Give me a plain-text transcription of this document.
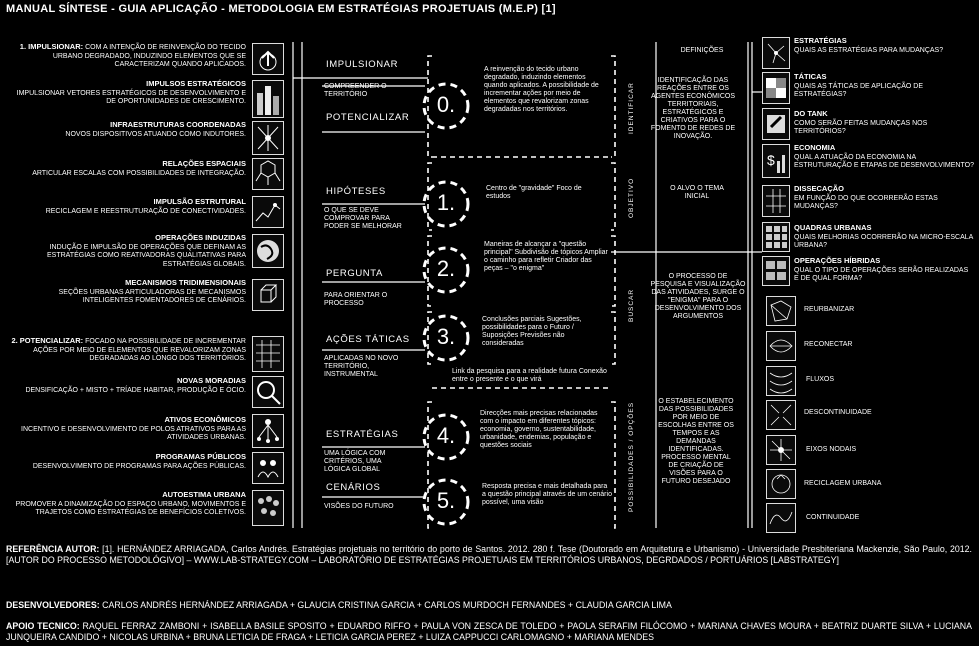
MANUAL SÍNTESE - GUIA APLICAÇÃO - METODOLOGIA EM ESTRATÉGIAS PROJETUAIS (M.E.P) [1]
1. IMPULSIONAR: COM A INTENÇÃO DE REINVENÇÃO DO TECIDO URBANO DEGRADADO, INDUZINDO ELEMENTOS QUE SE CARACTERIZAM QUANDO APLICADOS.
IMPULSOS ESTRATÉGICOS
IMPULSIONAR VETORES ESTRATÉGICOS DE DESENVOLVIMENTO E DE OPORTUNIDADES DE CRESCIMENTO.
INFRAESTRUTURAS COORDENADAS
NOVOS DISPOSITIVOS ATUANDO COMO INDUTORES.
RELAÇÕES ESPACIAIS
ARTICULAR ESCALAS COM POSSIBILIDADES DE INTEGRAÇÃO.
IMPULSÃO ESTRUTURAL
RECICLAGEM E REESTRUTURAÇÃO DE CONECTIVIDADES.
OPERAÇÕES INDUZIDAS
INDUÇÃO E IMPULSÃO DE OPERAÇÕES QUE DEFINAM AS ESTRATÉGIAS COMO REATIVADORAS QUALITATIVAS PARA ESTRATÉGIAS GLOBAIS.
MECANISMOS TRIDIMENSIONAIS
SEÇÕES URBANAS ARTICULADORAS DE MECANISMOS INTELIGENTES FOMENTADORES DE CENÁRIOS.
2. POTENCIALIZAR: FOCADO NA POSSIBILIDADE DE INCREMENTAR AÇÕES POR MEIO DE ELEMENTOS QUE REVALORIZAM ZONAS DEGRADADAS AO LONGO DOS TERRITÓRIOS.
NOVAS MORADIAS
DENSIFICAÇÃO + MISTO + TRÍADE HABITAR, PRODUÇÃO E ÓCIO.
ATIVOS ECONÔMICOS
INCENTIVO E DESENVOLVIMENTO DE POLOS ATRATIVOS PARA AS ATIVIDADES URBANAS.
PROGRAMAS PÚBLICOS
DESENVOLVIMENTO DE PROGRAMAS PARA AÇÕES PÚBLICAS.
AUTOESTIMA URBANA
PROMOVER A DINAMIZAÇÃO DO ESPAÇO URBANO, MOVIMENTOS E TRAJETOS COMO ESTRATÉGIAS DE BENEFÍCIOS COLETIVOS.
IMPULSIONAR
COMPREENDER O TERRITÓRIO
POTENCIALIZAR
HIPÓTESES
O QUE SE DEVE COMPROVAR PARA PODER SE MELHORAR
PERGUNTA
PARA ORIENTAR O PROCESSO
AÇÕES TÁTICAS
APLICADAS NO NOVO TERRITÓRIO, INSTRUMENTAL
ESTRATÉGIAS
UMA LÓGICA COM CRITÉRIOS, UMA LÓGICA GLOBAL
CENÁRIOS
VISÕES DO FUTURO
0.
1.
2.
3.
4.
5.
A reinvenção do tecido urbano degradado, induzindo elementos quando aplicados. A possibilidade de incrementar ações por meio de elementos que revalorizam zonas degradadas nos territórios.
Centro de "gravidade" Foco de estudos
Maneiras de alcançar a "questão principal" Subdivisão de tópicos Ampliar o caminho para refletir Criador das peças – "o enigma"
Conclusões parciais Sugestões, possibilidades para o Futuro / Suposições Previsões não consideradas
Link da pesquisa para a realidade futura Conexão entre o presente e o que virá
Direcções mais precisas relacionadas com o impacto em diferentes tópicos: economia, governo, sustentabilidade, urbanidade, endemias, população e questões sociais
Resposta precisa e mais detalhada para a questão principal através de um cenário possível, uma visão
IDENTIFICAR
OBJETIVO
BUSCAR
POSSIBILIDADES / OPÇÕES
DEFINIÇÕES
IDENTIFICAÇÃO DAS REAÇÕES ENTRE OS AGENTES ECONÔMICOS TERRITORIAIS, ESTRATÉGICOS E CRIATIVOS PARA O FOMENTO DE REDES DE INOVAÇÃO.
O ALVO O TEMA INICIAL
O PROCESSO DE PESQUISA E VISUALIZAÇÃO DAS ATIVIDADES, SURGE O "ENIGMA" PARA O DESENVOLVIMENTO DOS ARGUMENTOS
O ESTABELECIMENTO DAS POSSIBILIDADES POR MEIO DE ESCOLHAS ENTRE OS TEMPOS E AS DEMANDAS IDENTIFICADAS. PROCESSO MENTAL DE CRIAÇÃO DE VISÕES PARA O FUTURO DESEJADO
ESTRATÉGIAS
QUAIS AS ESTRATÉGIAS PARA MUDANÇAS?
TÁTICAS
QUAIS AS TÁTICAS DE APLICAÇÃO DE ESTRATÉGIAS?
DO TANK
COMO SERÃO FEITAS MUDANÇAS NOS TERRITÓRIOS?
ECONOMIA
QUAL A ATUAÇÃO DA ECONOMIA NA ESTRUTURAÇÃO E ETAPAS DE DESENVOLVIMENTO?
DISSECAÇÃO
EM FUNÇÃO DO QUE OCORRERÃO ESTAS MUDANÇAS?
QUADRAS URBANAS
QUAIS MELHORIAS OCORRERÃO NA MICRO-ESCALA URBANA?
OPERAÇÕES HÍBRIDAS
QUAL O TIPO DE OPERAÇÕES SERÃO REALIZADAS E DE QUAL FORMA?
$
REURBANIZAR
RECONECTAR
FLUXOS
DESCONTINUIDADE
EIXOS NODAIS
RECICLAGEM URBANA
CONTINUIDADE
REFERÊNCIA AUTOR: [1]. HERNÁNDEZ ARRIAGADA, Carlos Andrés. Estratégias projetuais no território do porto de Santos. 2012. 280 f. Tese (Doutorado em Arquitetura e Urbanismo) - Universidade Presbiteriana Mackenzie, São Paulo, 2012. [AUTOR DO PROCESSO METODOLÓGIVO] – WWW.LAB-STRATEGY.COM – LABORATÓRIO DE ESTRATÉGIAS PROJETUAIS EM TERRITÓRIOS URBANOS, DEGRDADOS / PORTUÁRIOS [LABSTRATEGY]
DESENVOLVEDORES: CARLOS ANDRÉS HERNÁNDEZ ARRIAGADA + GLAUCIA CRISTINA GARCIA + CARLOS MURDOCH FERNANDES + CLAUDIA GARCIA LIMA
APOIO TECNICO: RAQUEL FERRAZ ZAMBONI + ISABELLA BASILE SPOSITO + EDUARDO RIFFO + PAULA VON ZESCA DE TOLEDO + PAOLA SERAFIM FILÓCOMO + MARIANA CHAVES MOURA + BEATRIZ DUARTE SILVA + LUCIANA JUNQUEIRA CANDIDO + NICOLAS URBINA + BRUNA LETICIA DE FRAGA + LETICIA GARCIA PEREZ + LUIZA CAPPUCCI CARLOMAGNO + MARIANA MENDES
